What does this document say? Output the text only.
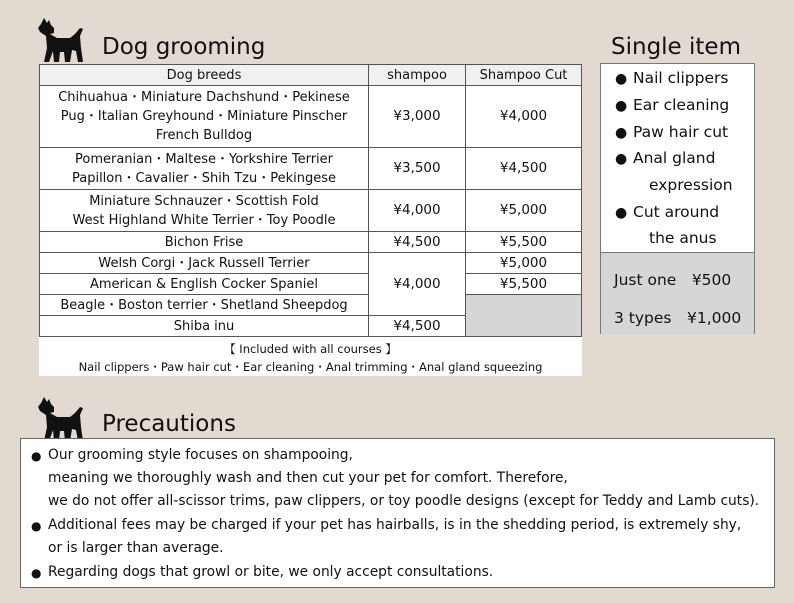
Dog grooming
Dog breeds	shampoo	Shampoo Cut
Chihuahua・Miniature Dachshund・Pekinese
Pug・Italian Greyhound・Miniature Pinscher
French Bulldog	¥3,000	¥4,000
Pomeranian・Maltese・Yorkshire Terrier
Papillon・Cavalier・Shih Tzu・Pekingese	¥3,500	¥4,500
Miniature Schnauzer・Scottish Fold
West Highland White Terrier・Toy Poodle	¥4,000	¥5,000
Bichon Frise	¥4,500	¥5,500
Welsh Corgi・Jack Russell Terrier	¥4,000	¥5,000
American & English Cocker Spaniel		¥5,500
Beagle・Boston terrier・Shetland Sheepdog		
Shiba inu	¥4,500	
【 Included with all courses 】
Nail clippers・Paw hair cut・Ear cleaning・Anal trimming・Anal gland squeezing		
Single item
● Nail clippers
● Ear cleaning
● Paw hair cut
● Anal gland
expression
● Cut around
the anus
Just one　¥500
3 types　¥1,000
Precautions
● Our grooming style focuses on shampooing,
meaning we thoroughly wash and then cut your pet for comfort. Therefore,
we do not offer all-scissor trims, paw clippers, or toy poodle designs (except for Teddy and Lamb cuts).
● Additional fees may be charged if your pet has hairballs, is in the shedding period, is extremely shy,
or is larger than average.
● Regarding dogs that growl or bite, we only accept consultations.
